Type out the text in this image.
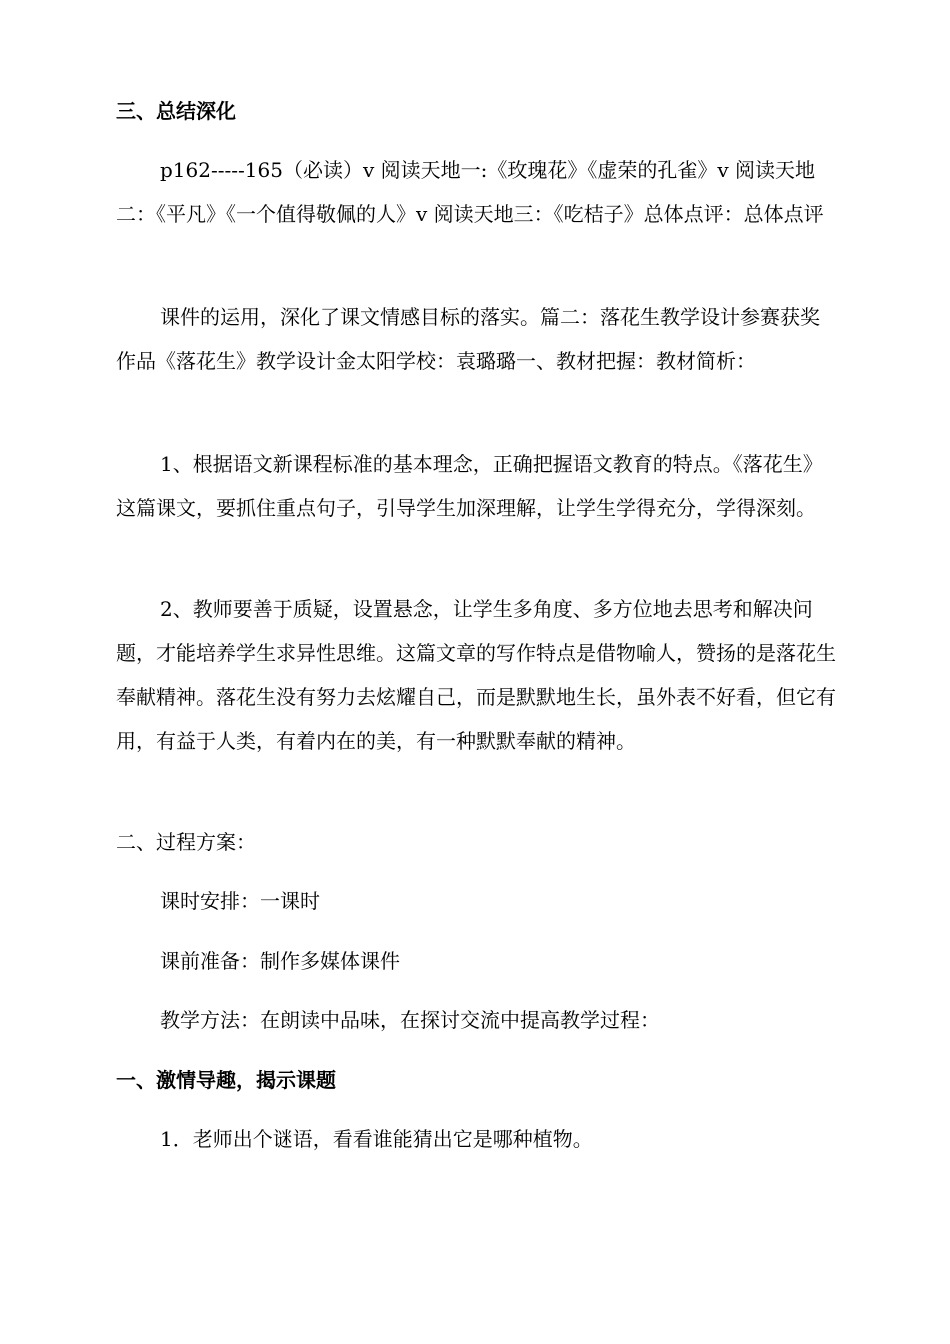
三、总结深化

p162-----165（必读）v 阅读天地一:《玫瑰花》《虚荣的孔雀》v 阅读天地二：《平凡》《一个值得敬佩的人》v 阅读天地三：《吃桔子》总体点评：总体点评

课件的运用，深化了课文情感目标的落实。篇二：落花生教学设计参赛获奖作品《落花生》教学设计金太阳学校：袁璐璐一、教材把握：教材简析：

1、根据语文新课程标准的基本理念，正确把握语文教育的特点。《落花生》这篇课文，要抓住重点句子，引导学生加深理解，让学生学得充分，学得深刻。

2、教师要善于质疑，设置悬念，让学生多角度、多方位地去思考和解决问题，才能培养学生求异性思维。这篇文章的写作特点是借物喻人，赞扬的是落花生奉献精神。落花生没有努力去炫耀自己，而是默默地生长，虽外表不好看，但它有用，有益于人类，有着内在的美，有一种默默奉献的精神。

二、过程方案：

课时安排：一课时

课前准备：制作多媒体课件

教学方法：在朗读中品味，在探讨交流中提高教学过程：

一、激情导趣，揭示课题

1．老师出个谜语，看看谁能猜出它是哪种植物。
